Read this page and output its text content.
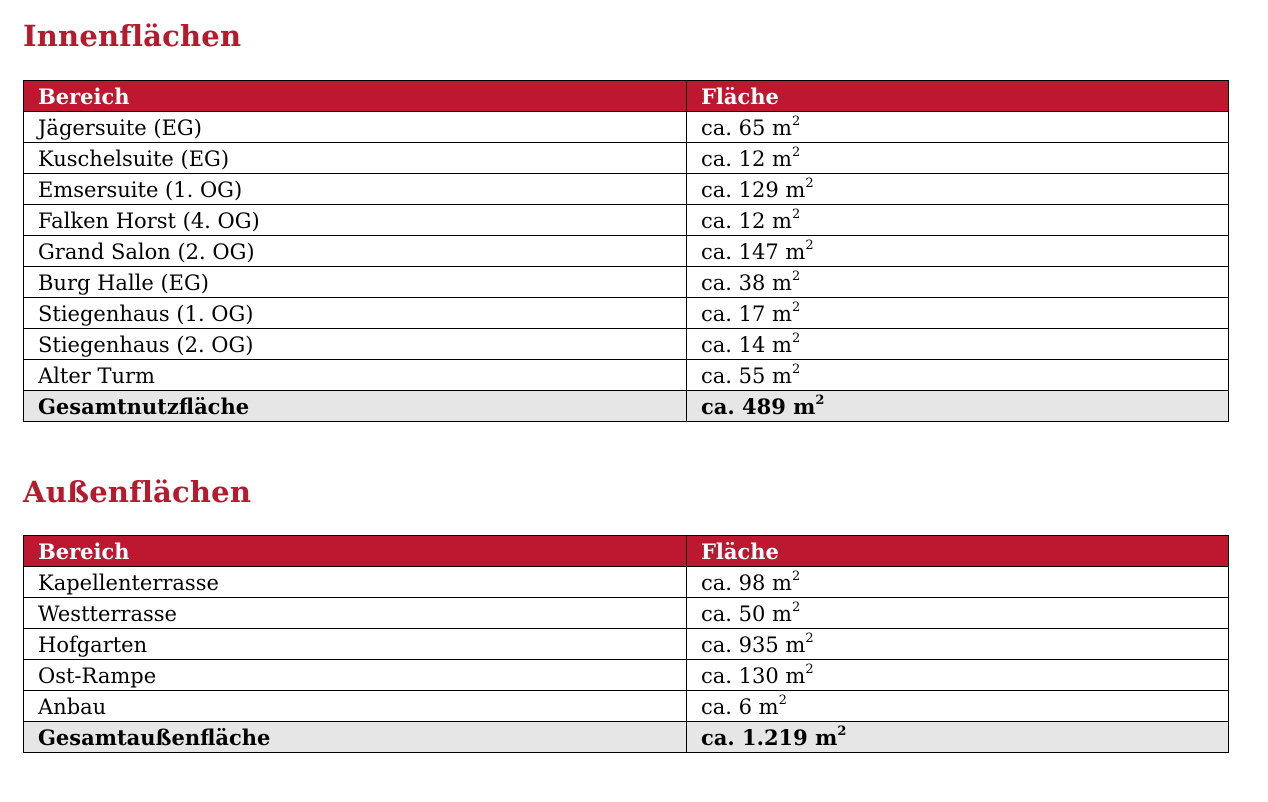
Innenflächen
Bereich	Fläche
Jägersuite (EG)	ca. 65 $m^2$
Kuschelsuite (EG)	ca. 12 $m^2$
Emsersuite (1. OG)	ca. 129 $m^2$
Falken Horst (4. OG)	ca. 12 $m^2$
Grand Salon (2. OG)	ca. 147 $m^2$
Burg Halle (EG)	ca. 38 $m^2$
Stiegenhaus (1. OG)	ca. 17 $m^2$
Stiegenhaus (2. OG)	ca. 14 $m^2$
Alter Turm	ca. 55 $m^2$
Gesamtnutzfläche	ca. 489 $m^2$
Außenflächen
Bereich	Fläche
Kapellenterrasse	ca. 98 $m^2$
Westterrasse	ca. 50 $m^2$
Hofgarten	ca. 935 $m^2$
Ost-Rampe	ca. 130 $m^2$
Anbau	ca. 6 $m^2$
Gesamtaußenfläche	ca. 1.219 $m^2$
